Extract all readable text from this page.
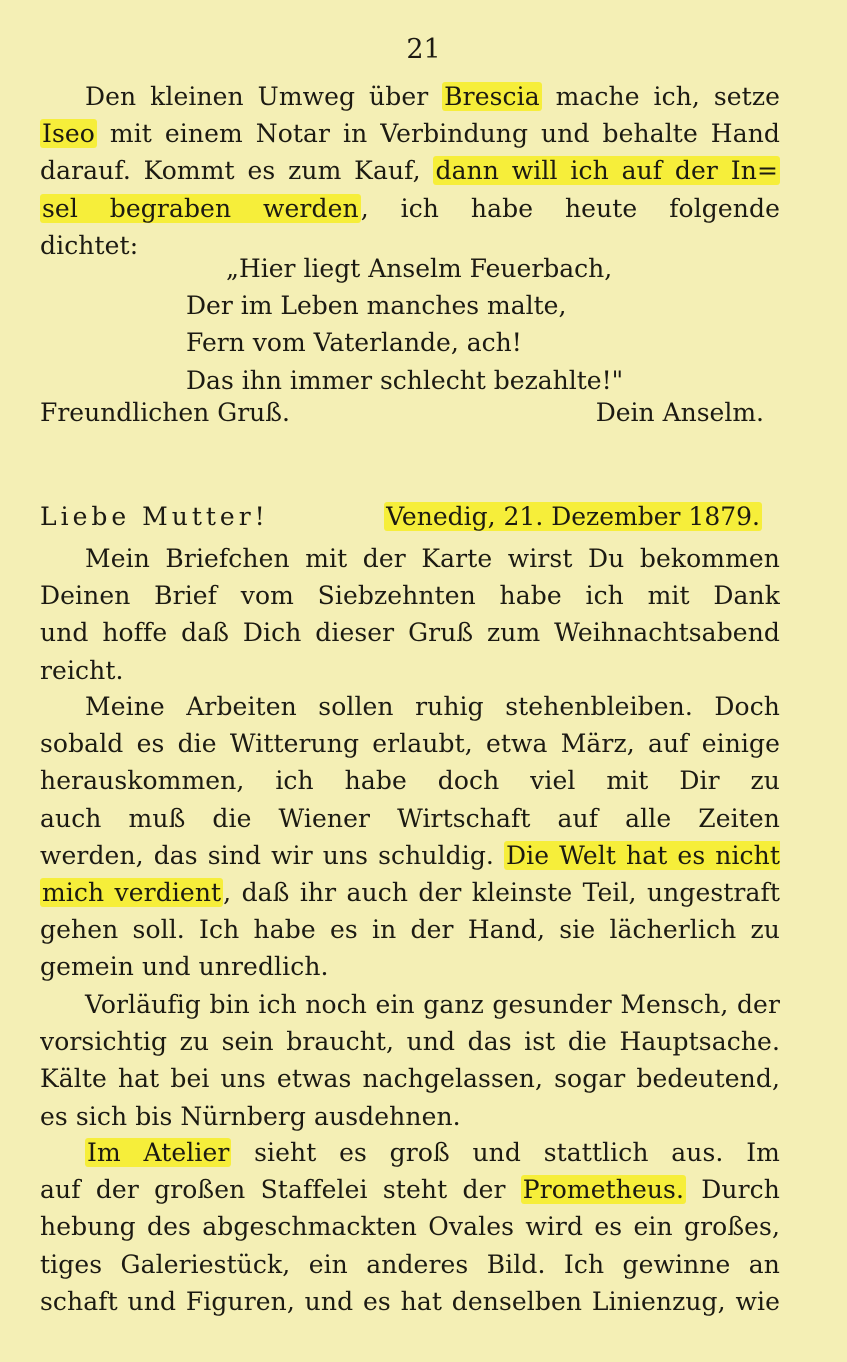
21
Den kleinen Umweg über Brescia mache ich, setze
Iseo mit einem Notar in Verbindung und behalte Hand
darauf. Kommt es zum Kauf, dann will ich auf der In=
sel begraben werden, ich habe heute folgende
dichtet:
„Hier liegt Anselm Feuerbach,
Der im Leben manches malte,
Fern vom Vaterlande, ach!
Das ihn immer schlecht bezahlte!"
Freundlichen Gruß.	Dein Anselm.
Liebe Mutter!	Venedig, 21. Dezember 1879.
Mein Briefchen mit der Karte wirst Du bekommen
Deinen Brief vom Siebzehnten habe ich mit Dank
und hoffe daß Dich dieser Gruß zum Weihnachtsabend
reicht.
Meine Arbeiten sollen ruhig stehenbleiben. Doch
sobald es die Witterung erlaubt, etwa März, auf einige
herauskommen, ich habe doch viel mit Dir zu
auch muß die Wiener Wirtschaft auf alle Zeiten
werden, das sind wir uns schuldig. Die Welt hat es nicht
mich verdient, daß ihr auch der kleinste Teil, ungestraft
gehen soll. Ich habe es in der Hand, sie lächerlich zu
gemein und unredlich.
Vorläufig bin ich noch ein ganz gesunder Mensch, der
vorsichtig zu sein braucht, und das ist die Hauptsache.
Kälte hat bei uns etwas nachgelassen, sogar bedeutend,
es sich bis Nürnberg ausdehnen.
Im Atelier sieht es groß und stattlich aus. Im
auf der großen Staffelei steht der Prometheus. Durch
hebung des abgeschmackten Ovales wird es ein großes,
tiges Galeriestück, ein anderes Bild. Ich gewinne an
schaft und Figuren, und es hat denselben Linienzug, wie
